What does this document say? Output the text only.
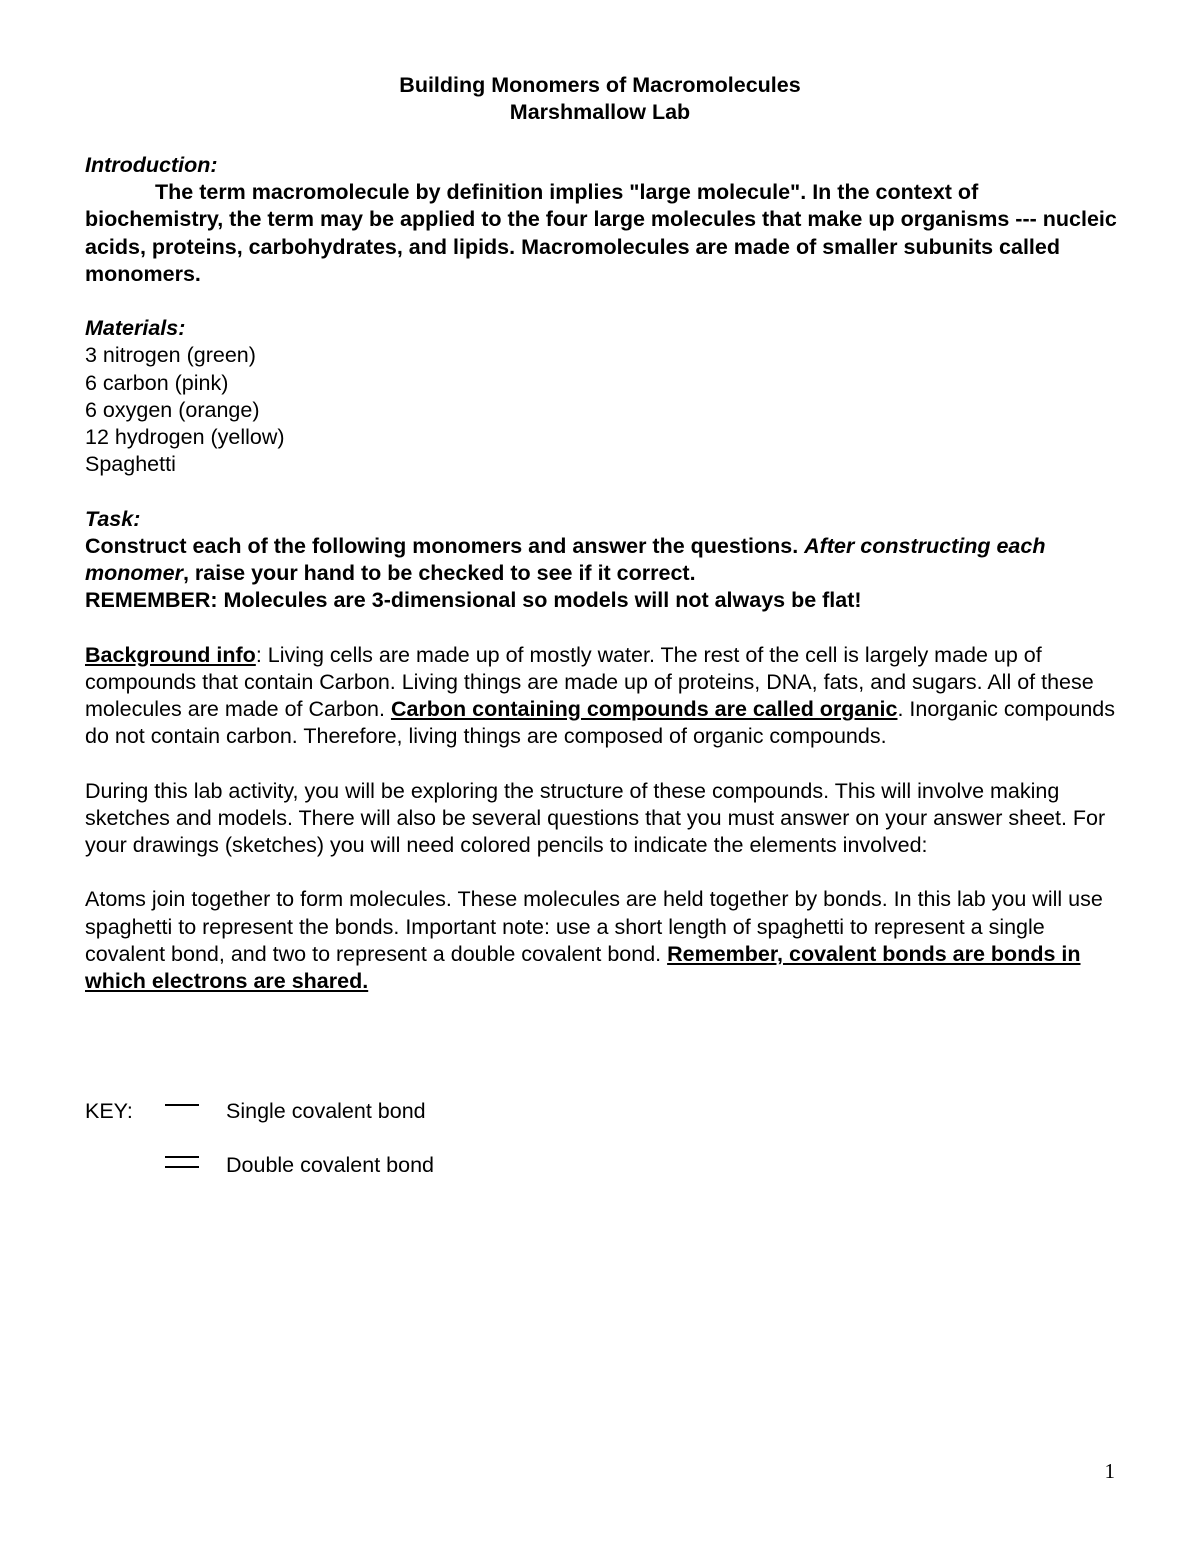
Building Monomers of Macromolecules
Marshmallow Lab

Introduction:

The term macromolecule by definition implies "large molecule". In the context of biochemistry, the term may be applied to the four large molecules that make up organisms --- nucleic acids, proteins, carbohydrates, and lipids. Macromolecules are made of smaller subunits called monomers.

Materials:

3 nitrogen (green)
6 carbon (pink)
6 oxygen (orange)
12 hydrogen (yellow)
Spaghetti

Task:

Construct each of the following monomers and answer the questions. After constructing each monomer, raise your hand to be checked to see if it correct.

REMEMBER: Molecules are 3-dimensional so models will not always be flat!

Background info: Living cells are made up of mostly water. The rest of the cell is largely made up of compounds that contain Carbon. Living things are made up of proteins, DNA, fats, and sugars. All of these molecules are made of Carbon. Carbon containing compounds are called organic. Inorganic compounds do not contain carbon. Therefore, living things are composed of organic compounds.

During this lab activity, you will be exploring the structure of these compounds. This will involve making sketches and models. There will also be several questions that you must answer on your answer sheet. For your drawings (sketches) you will need colored pencils to indicate the elements involved:

Atoms join together to form molecules. These molecules are held together by bonds. In this lab you will use spaghetti to represent the bonds. Important note: use a short length of spaghetti to represent a single covalent bond, and two to represent a double covalent bond. Remember, covalent bonds are bonds in which electrons are shared.

KEY:	Single covalent bond
Double covalent bond
1
